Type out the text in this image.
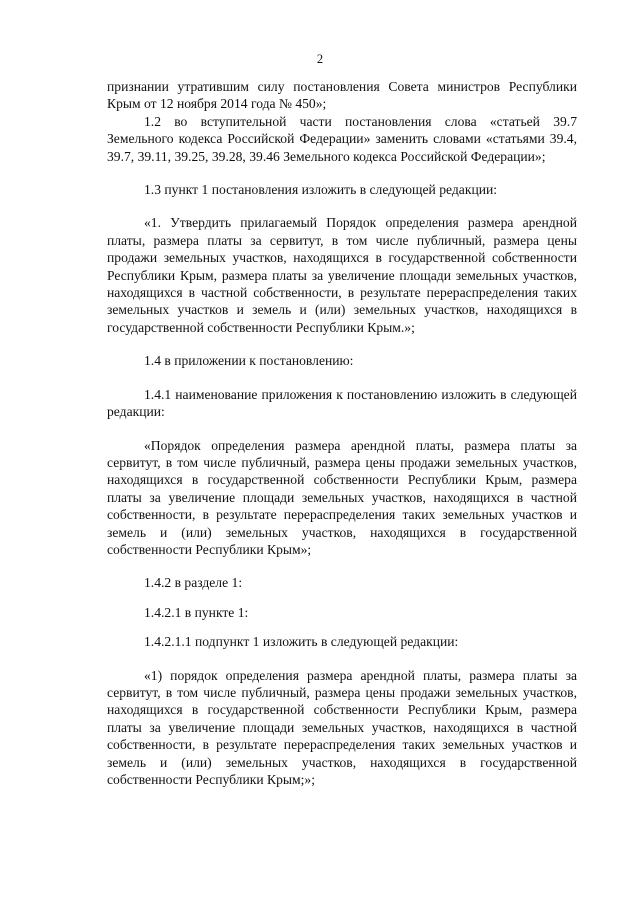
2

признании утратившим силу постановления Совета министров Республики Крым от 12 ноября 2014 года № 450»;

1.2 во вступительной части постановления слова «статьей 39.7 Земельного кодекса Российской Федерации» заменить словами «статьями 39.4, 39.7, 39.11, 39.25, 39.28, 39.46 Земельного кодекса Российской Федерации»;

1.3 пункт 1 постановления изложить в следующей редакции:

«1. Утвердить прилагаемый Порядок определения размера арендной платы, размера платы за сервитут, в том числе публичный, размера цены продажи земельных участков, находящихся в государственной собственности Республики Крым, размера платы за увеличение площади земельных участков, находящихся в частной собственности, в результате перераспределения таких земельных участков и земель и (или) земельных участков, находящихся в государственной собственности Республики Крым.»;

1.4 в приложении к постановлению:

1.4.1 наименование приложения к постановлению изложить в следующей редакции:

«Порядок определения размера арендной платы, размера платы за сервитут, в том числе публичный, размера цены продажи земельных участков, находящихся в государственной собственности Республики Крым, размера платы за увеличение площади земельных участков, находящихся в частной собственности, в результате перераспределения таких земельных участков и земель и (или) земельных участков, находящихся в государственной собственности Республики Крым»;

1.4.2 в разделе 1:

1.4.2.1 в пункте 1:

1.4.2.1.1 подпункт 1 изложить в следующей редакции:

«1) порядок определения размера арендной платы, размера платы за сервитут, в том числе публичный, размера цены продажи земельных участков, находящихся в государственной собственности Республики Крым, размера платы за увеличение площади земельных участков, находящихся в частной собственности, в результате перераспределения таких земельных участков и земель и (или) земельных участков, находящихся в государственной собственности Республики Крым;»;
